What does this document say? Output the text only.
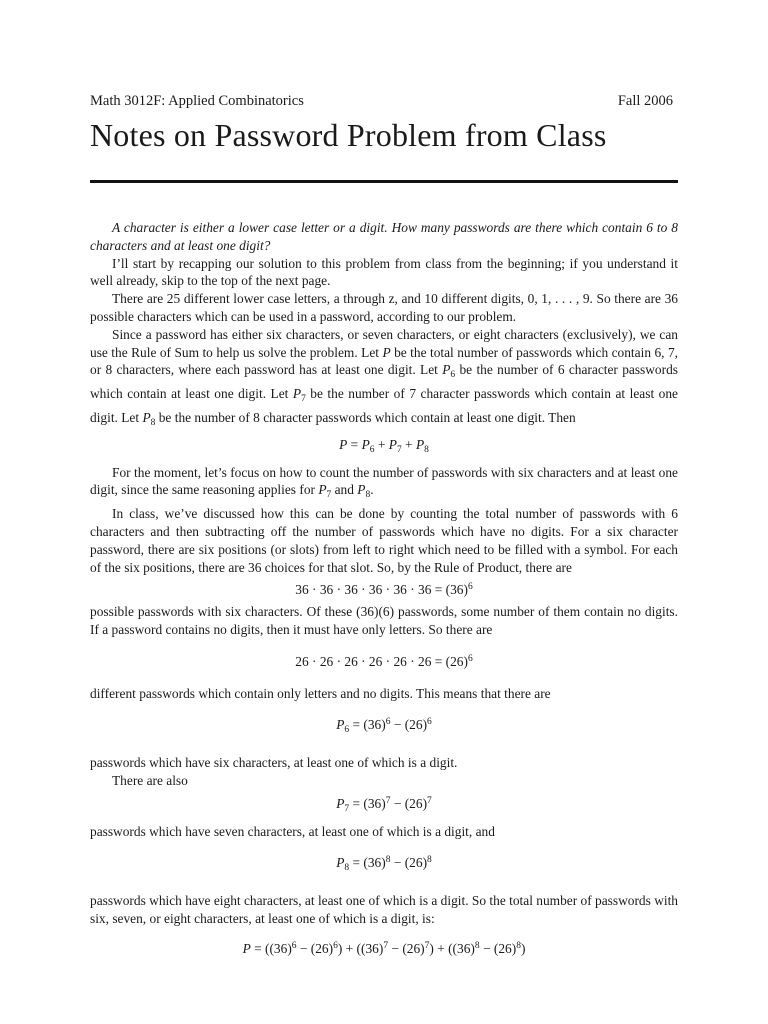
Math 3012F: Applied Combinatorics	Fall 2006
Notes on Password Problem from Class

A character is either a lower case letter or a digit. How many passwords are there which contain 6 to 8 characters and at least one digit?

I’ll start by recapping our solution to this problem from class from the beginning; if you understand it well already, skip to the top of the next page.

There are 25 different lower case letters, a through z, and 10 different digits, 0, 1, . . . , 9. So there are 36 possible characters which can be used in a password, according to our problem.

Since a password has either six characters, or seven characters, or eight characters (exclusively), we can use the Rule of Sum to help us solve the problem. Let P be the total number of passwords which contain 6, 7, or 8 characters, where each password has at least one digit. Let $P_6$ be the number of 6 character passwords which contain at least one digit. Let $P_7$ be the number of 7 character passwords which contain at least one digit. Let $P_8$ be the number of 8 character passwords which contain at least one digit. Then

$P = P_6 + P_7 + P_8$

For the moment, let’s focus on how to count the number of passwords with six characters and at least one digit, since the same reasoning applies for $P_7$ and $P_8$.

In class, we’ve discussed how this can be done by counting the total number of passwords with 6 characters and then subtracting off the number of passwords which have no digits. For a six character password, there are six positions (or slots) from left to right which need to be filled with a symbol. For each of the six positions, there are 36 choices for that slot. So, by the Rule of Product, there are

$36 \cdot 36 \cdot 36 \cdot 36 \cdot 36 \cdot 36 = (36)^6$

possible passwords with six characters. Of these (36)(6) passwords, some number of them contain no digits. If a password contains no digits, then it must have only letters. So there are

$26 \cdot 26 \cdot 26 \cdot 26 \cdot 26 \cdot 26 = (26)^6$

different passwords which contain only letters and no digits. This means that there are

$P_6 = (36)^6 - (26)^6$

passwords which have six characters, at least one of which is a digit.

There are also

$P_7 = (36)^7 - (26)^7$

passwords which have seven characters, at least one of which is a digit, and

$P_8 = (36)^8 - (26)^8$

passwords which have eight characters, at least one of which is a digit. So the total number of passwords with six, seven, or eight characters, at least one of which is a digit, is:

$P = ((36)^6 - (26)^6) + ((36)^7 - (26)^7) + ((36)^8 - (26)^8)$
